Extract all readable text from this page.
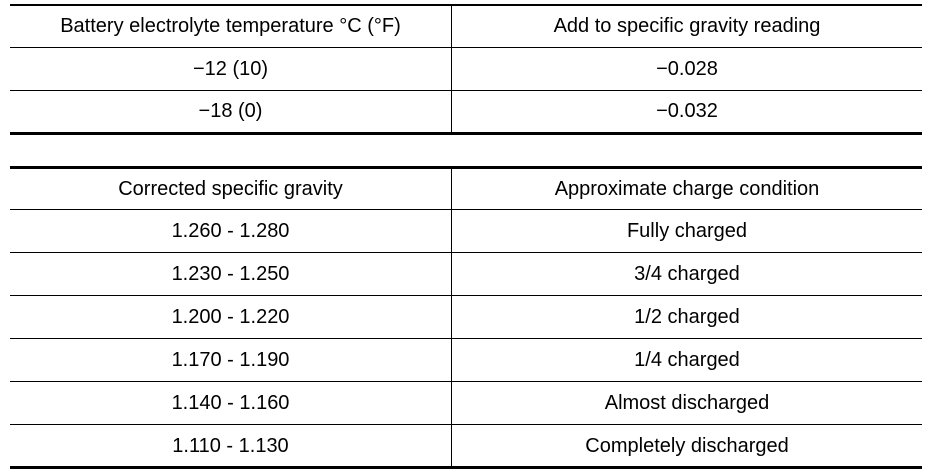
Battery electrolyte temperature °C (°F)	Add to specific gravity reading
−12 (10)	−0.028
−18 (0)	−0.032
Corrected specific gravity	Approximate charge condition
1.260 - 1.280	Fully charged
1.230 - 1.250	3/4 charged
1.200 - 1.220	1/2 charged
1.170 - 1.190	1/4 charged
1.140 - 1.160	Almost discharged
1.110 - 1.130	Completely discharged
